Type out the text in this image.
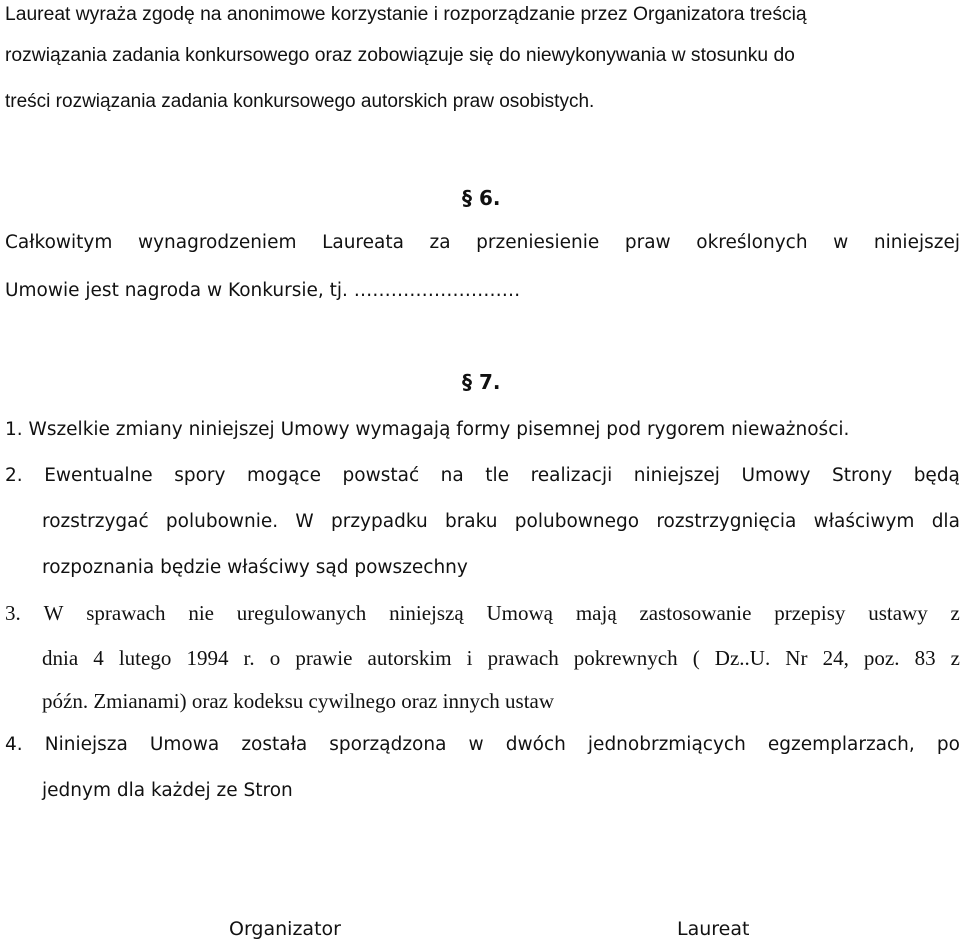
Laureat wyraża zgodę na anonimowe korzystanie i rozporządzanie przez Organizatora treścią
rozwiązania zadania konkursowego oraz zobowiązuje się do niewykonywania w stosunku do
treści rozwiązania zadania konkursowego autorskich praw osobistych.
§ 6.
Całkowitym wynagrodzeniem Laureata za przeniesienie praw określonych w niniejszej
Umowie jest nagroda w Konkursie, tj. ………………………
§ 7.
1. Wszelkie zmiany niniejszej Umowy wymagają formy pisemnej pod rygorem nieważności.
2. Ewentualne spory mogące powstać na tle realizacji niniejszej Umowy Strony będą
rozstrzygać polubownie. W przypadku braku polubownego rozstrzygnięcia właściwym dla
rozpoznania będzie właściwy sąd powszechny
3. W sprawach nie uregulowanych niniejszą Umową mają zastosowanie przepisy ustawy z
dnia 4 lutego 1994 r. o prawie autorskim i prawach pokrewnych ( Dz..U. Nr 24, poz. 83 z
późn. Zmianami) oraz kodeksu cywilnego oraz innych ustaw
4. Niniejsza Umowa została sporządzona w dwóch jednobrzmiących egzemplarzach, po
jednym dla każdej ze Stron
Organizator	Laureat
